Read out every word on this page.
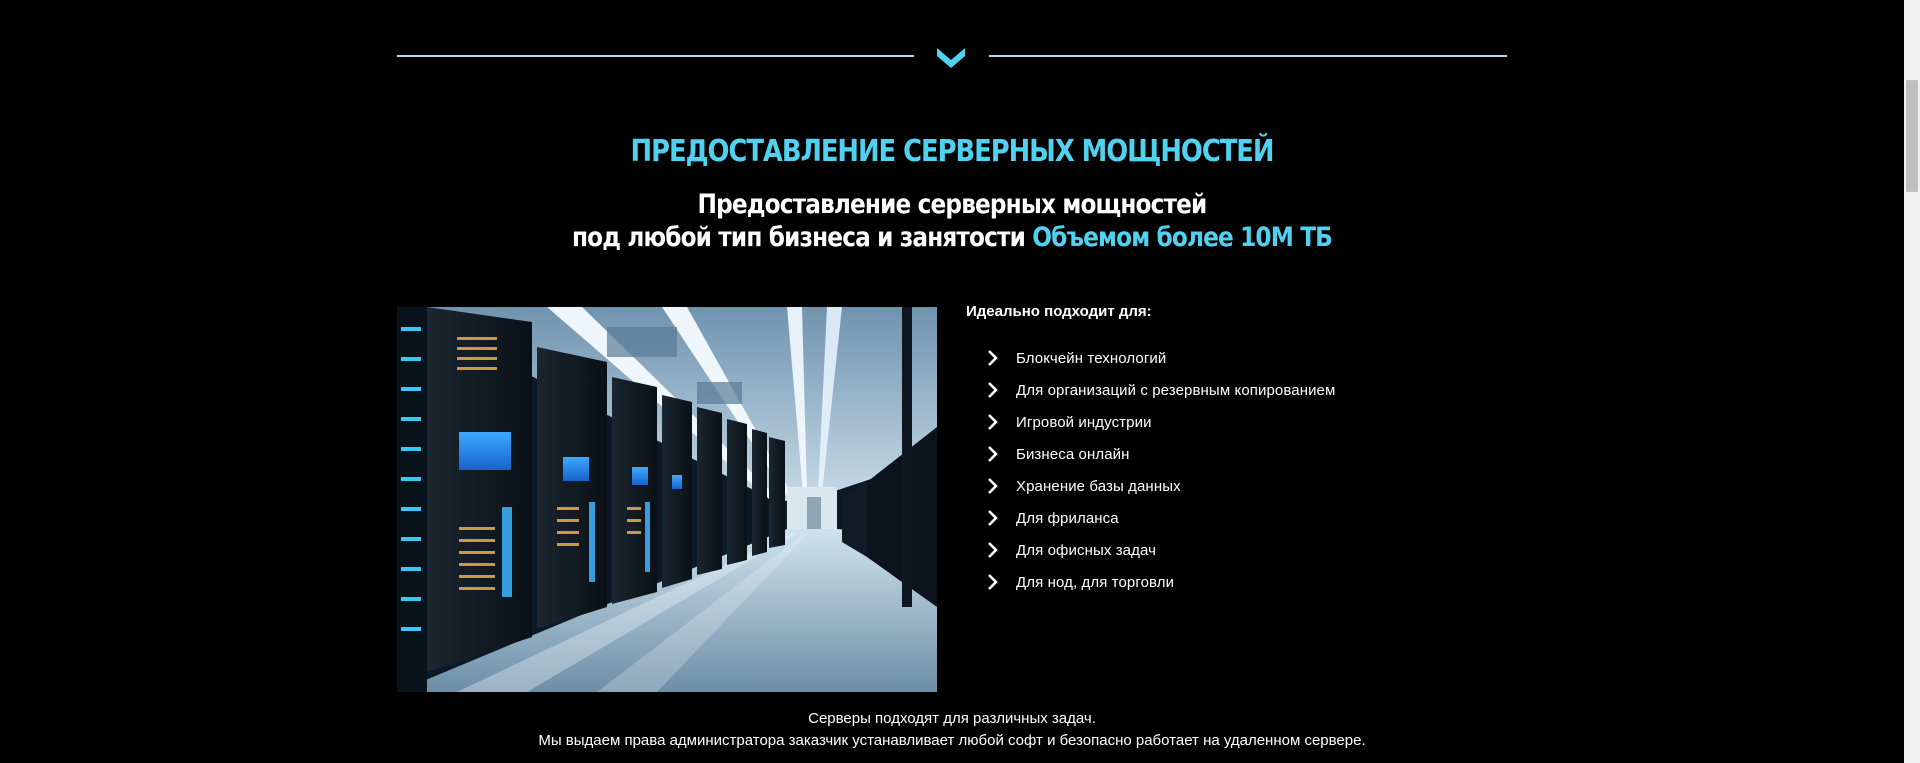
ПРЕДОСТАВЛЕНИЕ СЕРВЕРНЫХ МОЩНОСТЕЙ
Предоставление серверных мощностей
под любой тип бизнеса и занятости Объемом более 10М ТБ
Идеально подходит для:
Блокчейн технологий
Для организаций с резервным копированием
Игровой индустрии
Бизнеса онлайн
Хранение базы данных
Для фриланса
Для офисных задач
Для нод, для торговли
Серверы подходят для различных задач.
Мы выдаем права администратора заказчик устанавливает любой софт и безопасно работает на удаленном сервере.
